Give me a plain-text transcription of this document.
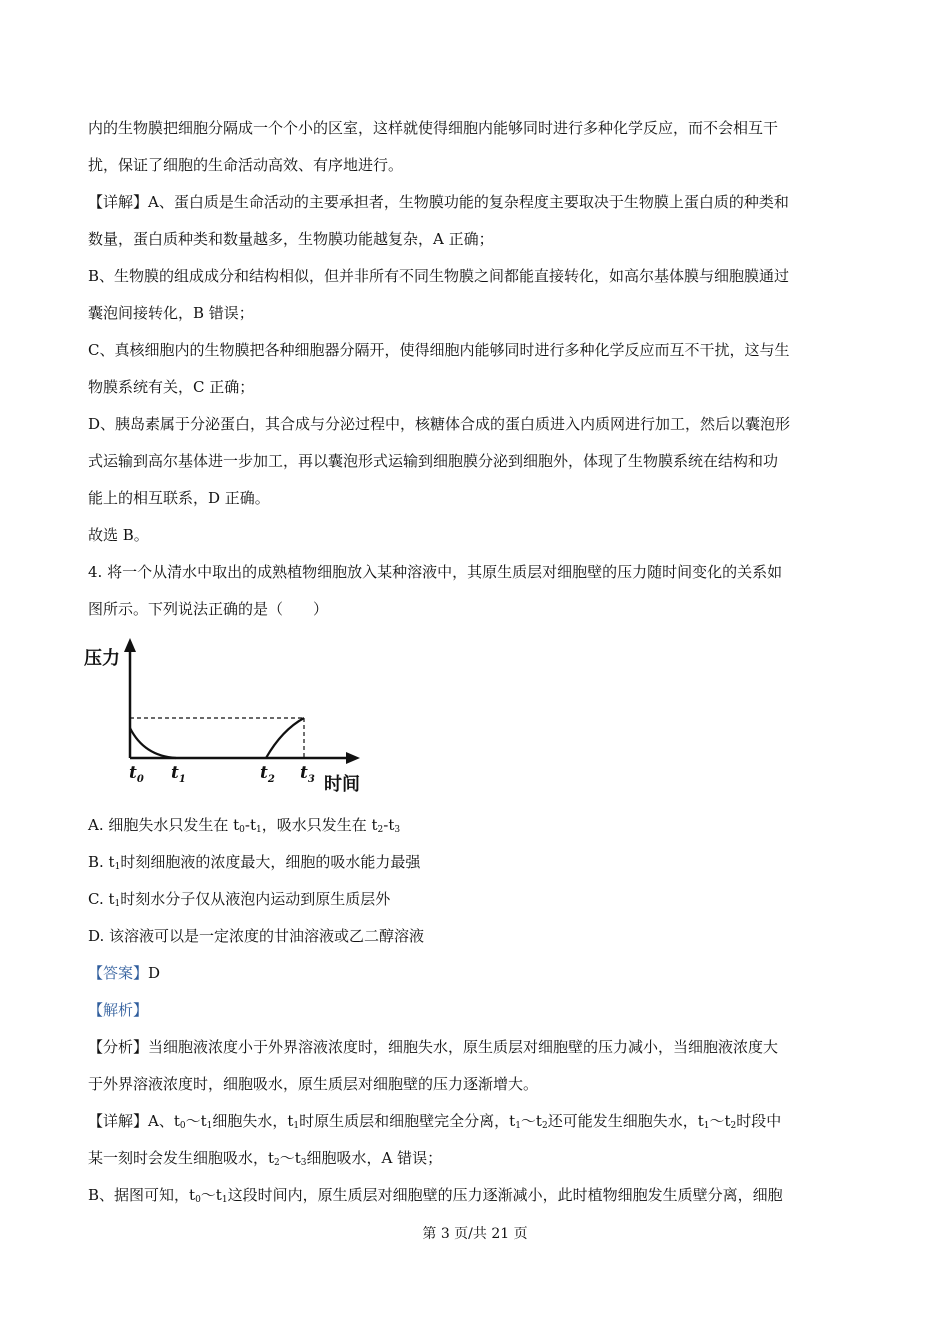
内的生物膜把细胞分隔成一个个小的区室，这样就使得细胞内能够同时进行多种化学反应，而不会相互干
扰，保证了细胞的生命活动高效、有序地进行。
【详解】A、蛋白质是生命活动的主要承担者，生物膜功能的复杂程度主要取决于生物膜上蛋白质的种类和
数量，蛋白质种类和数量越多，生物膜功能越复杂，A 正确；
B、生物膜的组成成分和结构相似，但并非所有不同生物膜之间都能直接转化，如高尔基体膜与细胞膜通过
囊泡间接转化，B 错误；
C、真核细胞内的生物膜把各种细胞器分隔开，使得细胞内能够同时进行多种化学反应而互不干扰，这与生
物膜系统有关，C 正确；
D、胰岛素属于分泌蛋白，其合成与分泌过程中，核糖体合成的蛋白质进入内质网进行加工，然后以囊泡形
式运输到高尔基体进一步加工，再以囊泡形式运输到细胞膜分泌到细胞外，体现了生物膜系统在结构和功
能上的相互联系，D 正确。
故选 B。
4. 将一个从清水中取出的成熟植物细胞放入某种溶液中，其原生质层对细胞壁的压力随时间变化的关系如
图所示。下列说法正确的是（　　）
压力
时间
$t_0$ $t_1$	$t_2$ $t_3$
A. 细胞失水只发生在 $t_0-t_1$，吸水只发生在 $t_2-t_3$
B. $t_1$时刻细胞液的浓度最大，细胞的吸水能力最强
C. $t_1$时刻水分子仅从液泡内运动到原生质层外
D. 该溶液可以是一定浓度的甘油溶液或乙二醇溶液
【答案】D
【解析】
【分析】当细胞液浓度小于外界溶液浓度时，细胞失水，原生质层对细胞壁的压力减小，当细胞液浓度大
于外界溶液浓度时，细胞吸水，原生质层对细胞壁的压力逐渐增大。
【详解】A、$t_0\sim t_1$细胞失水，$t_1$时原生质层和细胞壁完全分离，$t_1\sim t_2$还可能发生细胞失水，$t_1\sim t_2$时段中
某一刻时会发生细胞吸水，$t_2\sim t_3$细胞吸水，A 错误；
B、据图可知，$t_0\sim t_1$这段时间内，原生质层对细胞壁的压力逐渐减小，此时植物细胞发生质壁分离，细胞
第 3 页/共 21 页
